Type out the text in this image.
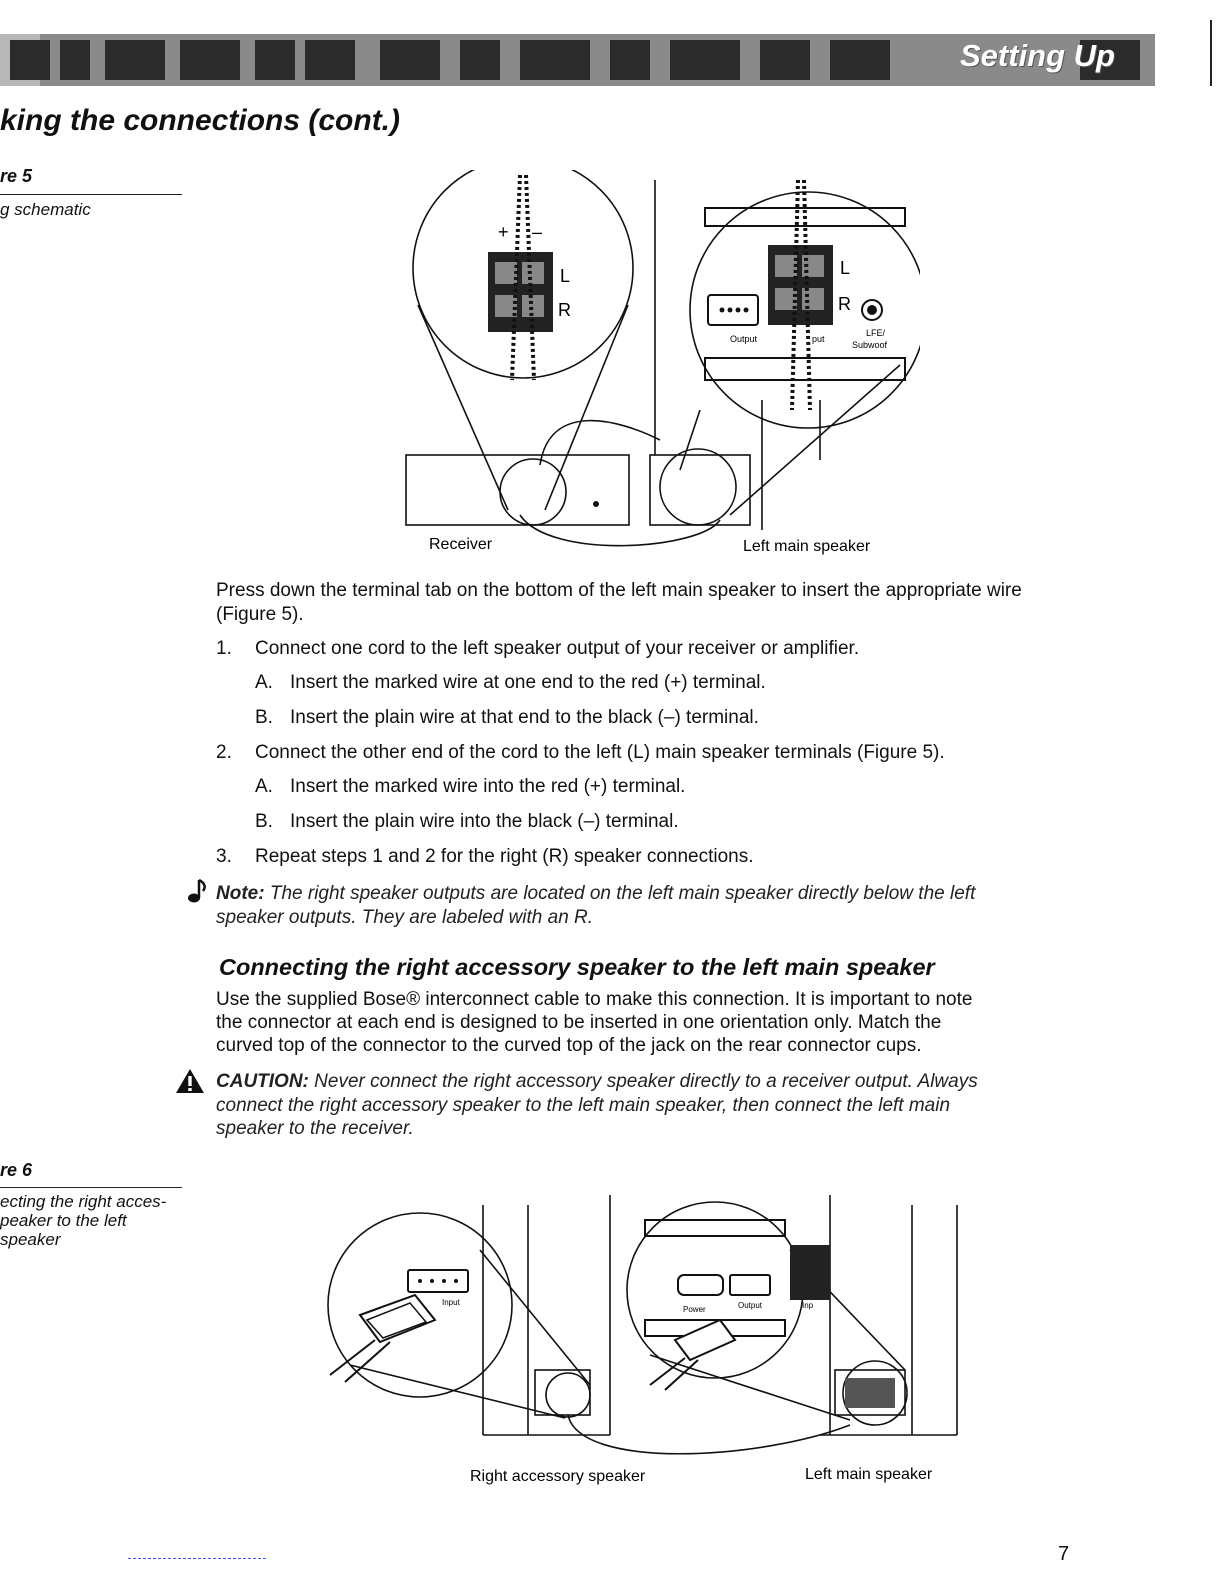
Setting Up
king the connections (cont.)
re 5
g schematic
+ –
L
R
L
R
Output	put
LFE/
Subwoof
Receiver	Left main speaker
Press down the terminal tab on the bottom of the left main speaker to insert the appropriate wire (Figure 5).
1. Connect one cord to the left speaker output of your receiver or amplifier.
A. Insert the marked wire at one end to the red (+) terminal.
B. Insert the plain wire at that end to the black (–) terminal.
2. Connect the other end of the cord to the left (L) main speaker terminals (Figure 5).
A. Insert the marked wire into the red (+) terminal.
B. Insert the plain wire into the black (–) terminal.
3. Repeat steps 1 and 2 for the right (R) speaker connections.
Note: The right speaker outputs are located on the left main speaker directly below the left
speaker outputs. They are labeled with an R.
Connecting the right accessory speaker to the left main speaker
Use the supplied Bose® interconnect cable to make this connection. It is important to note
the connector at each end is designed to be inserted in one orientation only. Match the
curved top of the connector to the curved top of the jack on the rear connector cups.
CAUTION: Never connect the right accessory speaker directly to a receiver output. Always
connect the right accessory speaker to the left main speaker, then connect the left main
speaker to the receiver.
re 6
ecting the right acces-
peaker to the left
speaker
Input
Power	Output	Inp
Right accessory speaker	Left main speaker
7
